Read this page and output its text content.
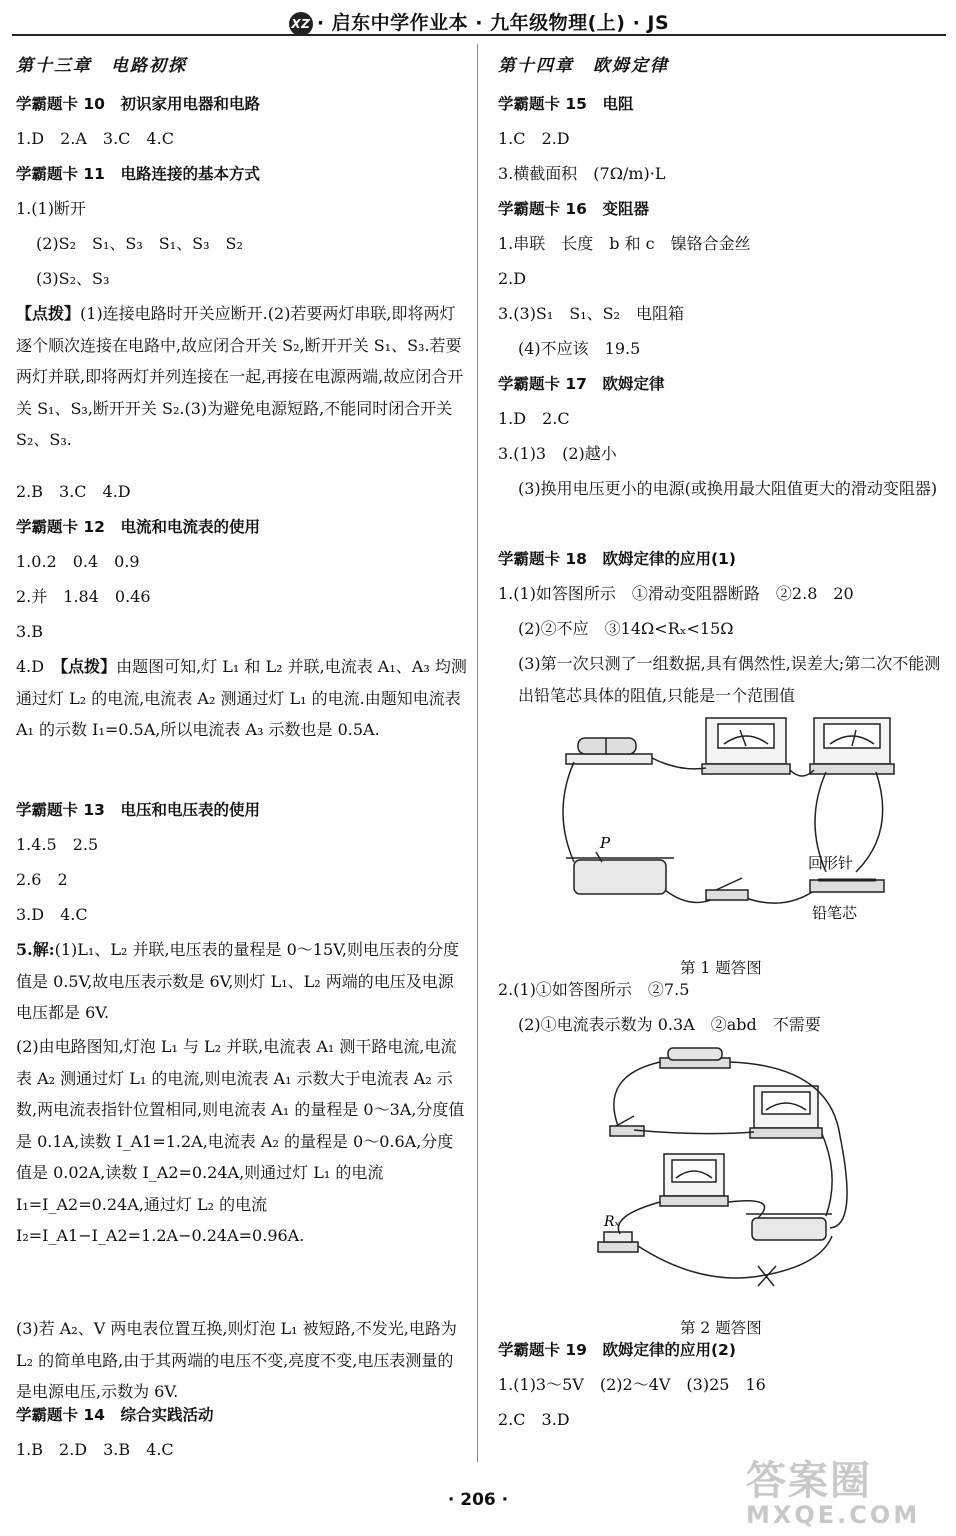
XZ · 启东中学作业本 · 九年级物理(上) · JS
第十三章　电路初探
学霸题卡 10　初识家用电器和电路
1.D　2.A　3.C　4.C
学霸题卡 11　电路连接的基本方式
1.(1)断开
(2)S₂　S₁、S₃　S₁、S₃　S₂
(3)S₂、S₃
【点拨】(1)连接电路时开关应断开.(2)若要两灯串联,即将两灯逐个顺次连接在电路中,故应闭合开关 S₂,断开开关 S₁、S₃.若要两灯并联,即将两灯并列连接在一起,再接在电源两端,故应闭合开关 S₁、S₃,断开开关 S₂.(3)为避免电源短路,不能同时闭合开关 S₂、S₃.
2.B　3.C　4.D
学霸题卡 12　电流和电流表的使用
1.0.2　0.4　0.9
2.并　1.84　0.46
3.B
4.D　 【点拨】由题图可知,灯 L₁ 和 L₂ 并联,电流表 A₁、A₃ 均测通过灯 L₂ 的电流,电流表 A₂ 测通过灯 L₁ 的电流.由题知电流表 A₁ 的示数 I₁=0.5A,所以电流表 A₃ 示数也是 0.5A.
学霸题卡 13　电压和电压表的使用
1.4.5　2.5
2.6　2
3.D　4.C
5.解:(1)L₁、L₂ 并联,电压表的量程是 0～15V,则电压表的分度值是 0.5V,故电压表示数是 6V,则灯 L₁、L₂ 两端的电压及电源电压都是 6V.
(2)由电路图知,灯泡 L₁ 与 L₂ 并联,电流表 A₁ 测干路电流,电流表 A₂ 测通过灯 L₁ 的电流,则电流表 A₁ 示数大于电流表 A₂ 示数,两电流表指针位置相同,则电流表 A₁ 的量程是 0～3A,分度值是 0.1A,读数 I_A1=1.2A,电流表 A₂ 的量程是 0～0.6A,分度值是 0.02A,读数 I_A2=0.24A,则通过灯 L₁ 的电流 I₁=I_A2=0.24A,通过灯 L₂ 的电流 I₂=I_A1−I_A2=1.2A−0.24A=0.96A.
(3)若 A₂、V 两电表位置互换,则灯泡 L₁ 被短路,不发光,电路为 L₂ 的简单电路,由于其两端的电压不变,亮度不变,电压表测量的是电源电压,示数为 6V.
学霸题卡 14　综合实践活动
1.B　2.D　3.B　4.C
第十四章　欧姆定律
学霸题卡 15　电阻
1.C　2.D
3.横截面积　(7Ω/m)·L
学霸题卡 16　变阻器
1.串联　长度　b 和 c　镍铬合金丝
2.D
3.(3)S₁　S₁、S₂　电阻箱
(4)不应该　19.5
学霸题卡 17　欧姆定律
1.D　2.C
3.(1)3　(2)越小
(3)换用电压更小的电源(或换用最大阻值更大的滑动变阻器)
学霸题卡 18　欧姆定律的应用(1)
1.(1)如答图所示　①滑动变阻器断路　②2.8　20
(2)②不应　③14Ω<Rₓ<15Ω
(3)第一次只测了一组数据,具有偶然性,误差大;第二次不能测出铅笔芯具体的阻值,只能是一个范围值
P
回形针
铅笔芯
第 1 题答图
2.(1)①如答图所示　②7.5
(2)①电流表示数为 0.3A　②abd　不需要
Rₓ
第 2 题答图
学霸题卡 19　欧姆定律的应用(2)
1.(1)3～5V　(2)2～4V　(3)25　16
2.C　3.D
· 206 ·	答案圈
MXQE.COM
